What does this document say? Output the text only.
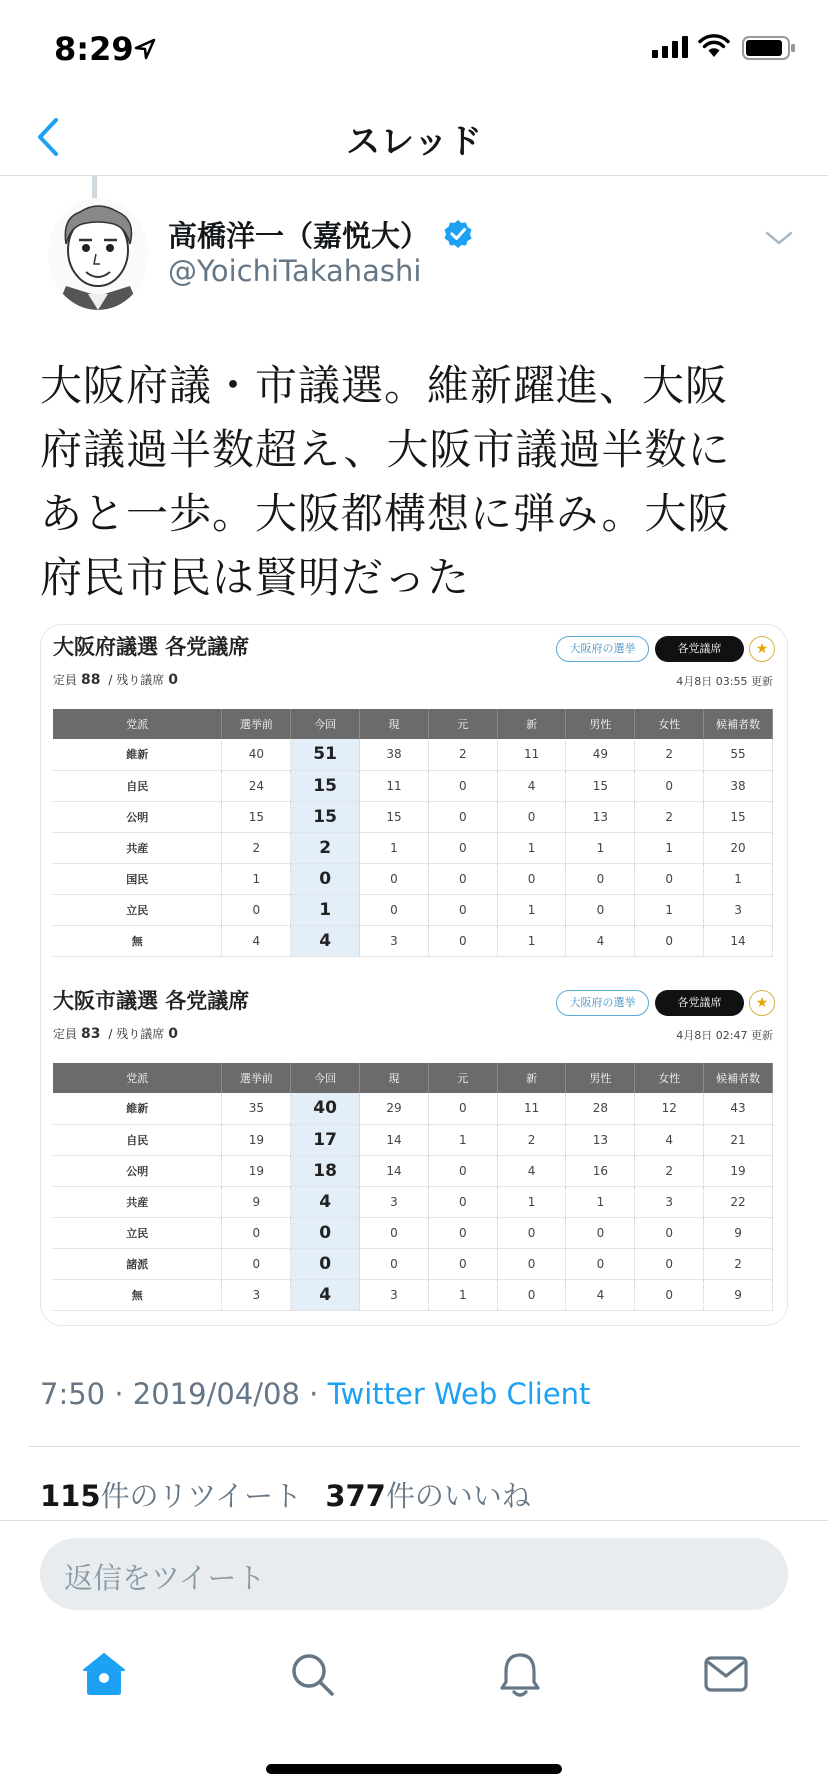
8:29
スレッド
高橋洋一（嘉悦大）
@YoichiTakahashi
大阪府議・市議選。維新躍進、大阪
府議過半数超え、大阪市議過半数に
あと一歩。大阪都構想に弾み。大阪
府民市民は賢明だった
大阪府議選 各党議席	大阪府の選挙	各党議席	★
定員 88 / 残り議席 0	4月8日 03:55 更新
党派	選挙前	今回	現	元	新	男性	女性	候補者数
維新	40	51	38	2	11	49	2	55
自民	24	15	11	0	4	15	0	38
公明	15	15	15	0	0	13	2	15
共産	2	2	1	0	1	1	1	20
国民	1	0	0	0	0	0	0	1
立民	0	1	0	0	1	0	1	3
無	4	4	3	0	1	4	0	14
大阪市議選 各党議席	大阪府の選挙	各党議席	★
定員 83 / 残り議席 0	4月8日 02:47 更新
党派	選挙前	今回	現	元	新	男性	女性	候補者数
維新	35	40	29	0	11	28	12	43
自民	19	17	14	1	2	13	4	21
公明	19	18	14	0	4	16	2	19
共産	9	4	3	0	1	1	3	22
立民	0	0	0	0	0	0	0	9
諸派	0	0	0	0	0	0	0	2
無	3	4	3	1	0	4	0	9
7:50 · 2019/04/08 · Twitter Web Client
115件のリツイート 377件のいいね
返信をツイート
